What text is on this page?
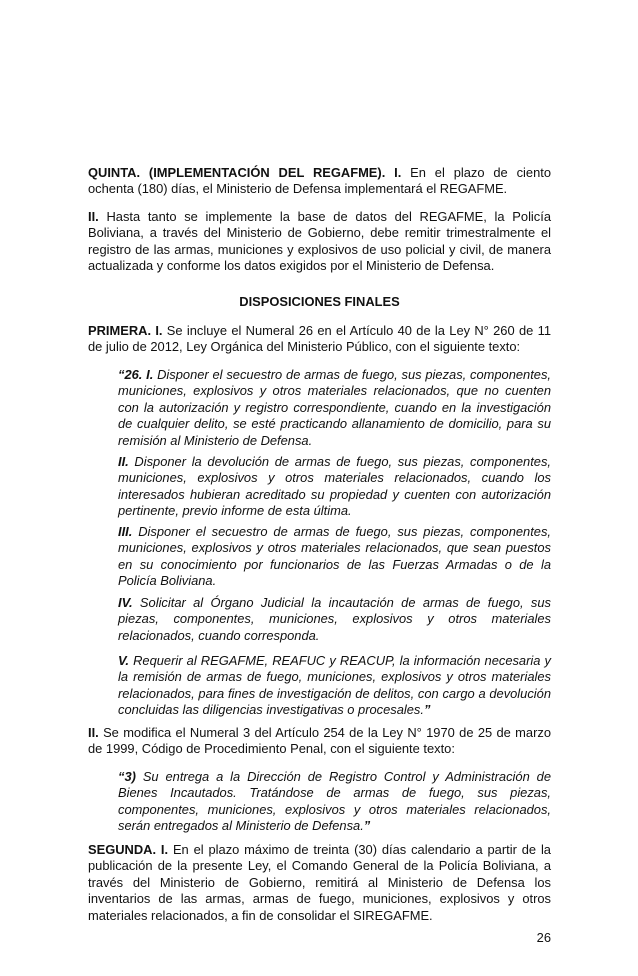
QUINTA. (IMPLEMENTACIÓN DEL REGAFME). I. En el plazo de ciento ochenta (180) días, el Ministerio de Defensa implementará el REGAFME.

II. Hasta tanto se implemente la base de datos del REGAFME, la Policía Boliviana, a través del Ministerio de Gobierno, debe remitir trimestralmente el registro de las armas, municiones y explosivos de uso policial y civil, de manera actualizada y conforme los datos exigidos por el Ministerio de Defensa.

DISPOSICIONES FINALES

PRIMERA. I. Se incluye el Numeral 26 en el Artículo 40 de la Ley N° 260 de 11 de julio de 2012, Ley Orgánica del Ministerio Público, con el siguiente texto:

“26. I. Disponer el secuestro de armas de fuego, sus piezas, componentes, municiones, explosivos y otros materiales relacionados, que no cuenten con la autorización y registro correspondiente, cuando en la investigación de cualquier delito, se esté practicando allanamiento de domicilio, para su remisión al Ministerio de Defensa.

II. Disponer la devolución de armas de fuego, sus piezas, componentes, municiones, explosivos y otros materiales relacionados, cuando los interesados hubieran acreditado su propiedad y cuenten con autorización pertinente, previo informe de esta última.

III. Disponer el secuestro de armas de fuego, sus piezas, componentes, municiones, explosivos y otros materiales relacionados, que sean puestos en su conocimiento por funcionarios de las Fuerzas Armadas o de la Policía Boliviana.

IV. Solicitar al Órgano Judicial la incautación de armas de fuego, sus piezas, componentes, municiones, explosivos y otros materiales relacionados, cuando corresponda.

V. Requerir al REGAFME, REAFUC y REACUP, la información necesaria y la remisión de armas de fuego, municiones, explosivos y otros materiales relacionados, para fines de investigación de delitos, con cargo a devolución concluidas las diligencias investigativas o procesales.”

II. Se modifica el Numeral 3 del Artículo 254 de la Ley N° 1970 de 25 de marzo de 1999, Código de Procedimiento Penal, con el siguiente texto:

“3) Su entrega a la Dirección de Registro Control y Administración de Bienes Incautados. Tratándose de armas de fuego, sus piezas, componentes, municiones, explosivos y otros materiales relacionados, serán entregados al Ministerio de Defensa.”

SEGUNDA. I. En el plazo máximo de treinta (30) días calendario a partir de la publicación de la presente Ley, el Comando General de la Policía Boliviana, a través del Ministerio de Gobierno, remitirá al Ministerio de Defensa los inventarios de las armas, armas de fuego, municiones, explosivos y otros materiales relacionados, a fin de consolidar el SIREGAFME.

26
